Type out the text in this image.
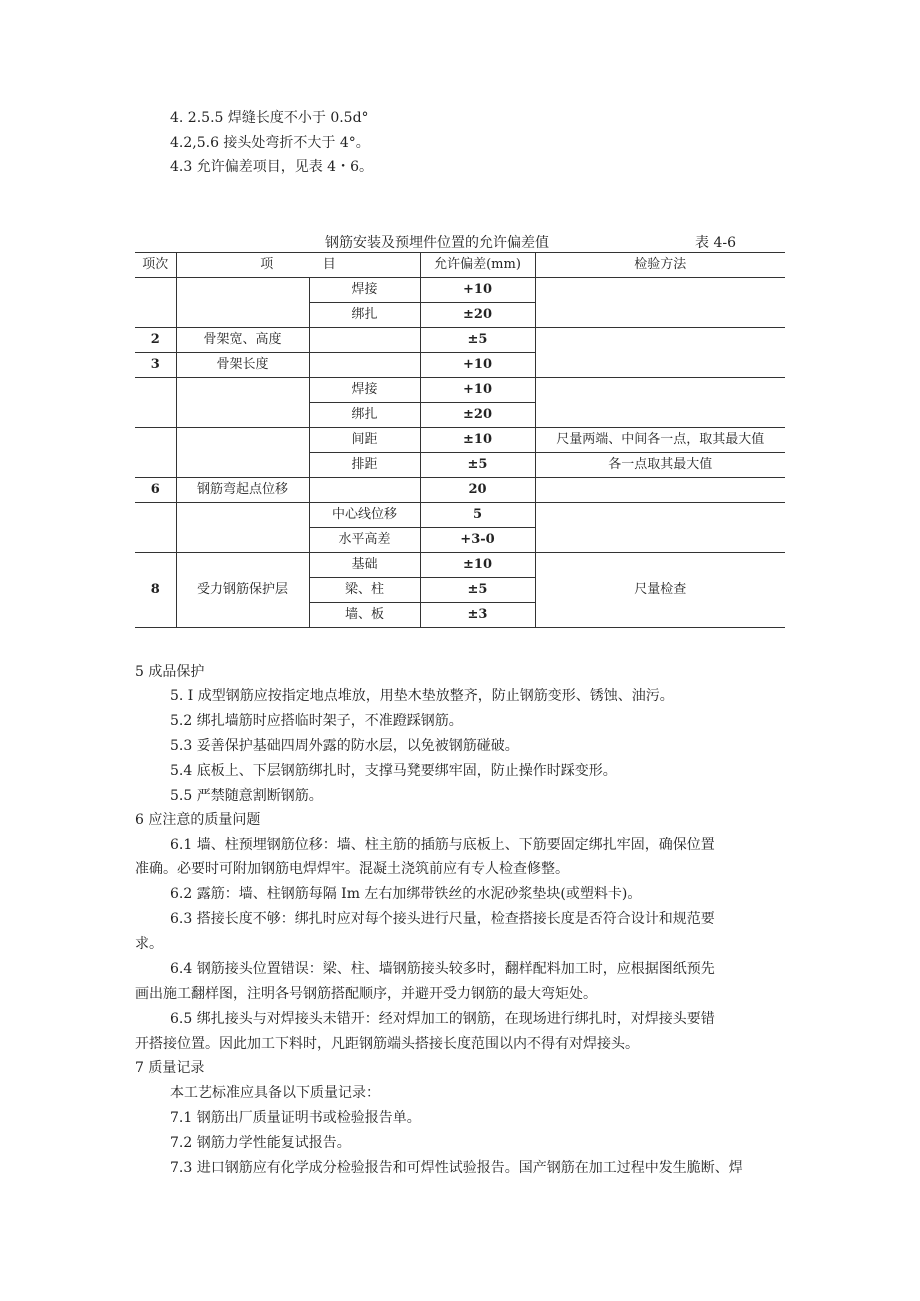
4. 2.5.5 焊缝长度不小于 0.5d°
4.2,5.6 接头处弯折不大于 4°。
4.3 允许偏差项目，见表 4・6。
钢筋安装及预埋件位置的允许偏差值	表 4-6
项次	项            目		允许偏差(mm)	检验方法
		焊接	+10	
		绑扎	±20	
2	骨架宽、高度		±5	
3	骨架长度		+10	
		焊接	+10	
		绑扎	±20	
		间距	±10	尺量两端、中间各一点，取其最大值
		排距	±5	各一点取其最大值
6	钢筋弯起点位移		20	
		中心线位移	5	
		水平高差	+3-0	
8	受力钢筋保护层	基础	±10	尺量检查
		梁、柱	±5	
		墙、板	±3	
5 成品保护
5. I 成型钢筋应按指定地点堆放，用垫木垫放整齐，防止钢筋变形、锈蚀、油污。
5.2 绑扎墙筋时应搭临时架子，不准蹬踩钢筋。
5.3 妥善保护基础四周外露的防水层，以免被钢筋碰破。
5.4 底板上、下层钢筋绑扎时，支撑马凳要绑牢固，防止操作时踩变形。
5.5 严禁随意割断钢筋。
6 应注意的质量问题
6.1 墙、柱预埋钢筋位移：墙、柱主筋的插筋与底板上、下筋要固定绑扎牢固，确保位置
准确。必要时可附加钢筋电焊焊牢。混凝土浇筑前应有专人检查修整。
6.2 露筋：墙、柱钢筋每隔 Im 左右加绑带铁丝的水泥砂浆垫块(或塑料卡)。
6.3 搭接长度不够：绑扎时应对每个接头进行尺量，检查搭接长度是否符合设计和规范要
求。
6.4 钢筋接头位置错误：梁、柱、墙钢筋接头较多时，翻样配料加工时，应根据图纸预先
画出施工翻样图，注明各号钢筋搭配顺序，并避开受力钢筋的最大弯矩处。
6.5 绑扎接头与对焊接头未错开：经对焊加工的钢筋，在现场进行绑扎时，对焊接头要错
开搭接位置。因此加工下料时，凡距钢筋端头搭接长度范围以内不得有对焊接头。
7 质量记录
本工艺标准应具备以下质量记录：
7.1 钢筋出厂质量证明书或检验报告单。
7.2 钢筋力学性能复试报告。
7.3 进口钢筋应有化学成分检验报告和可焊性试验报告。国产钢筋在加工过程中发生脆断、焊
